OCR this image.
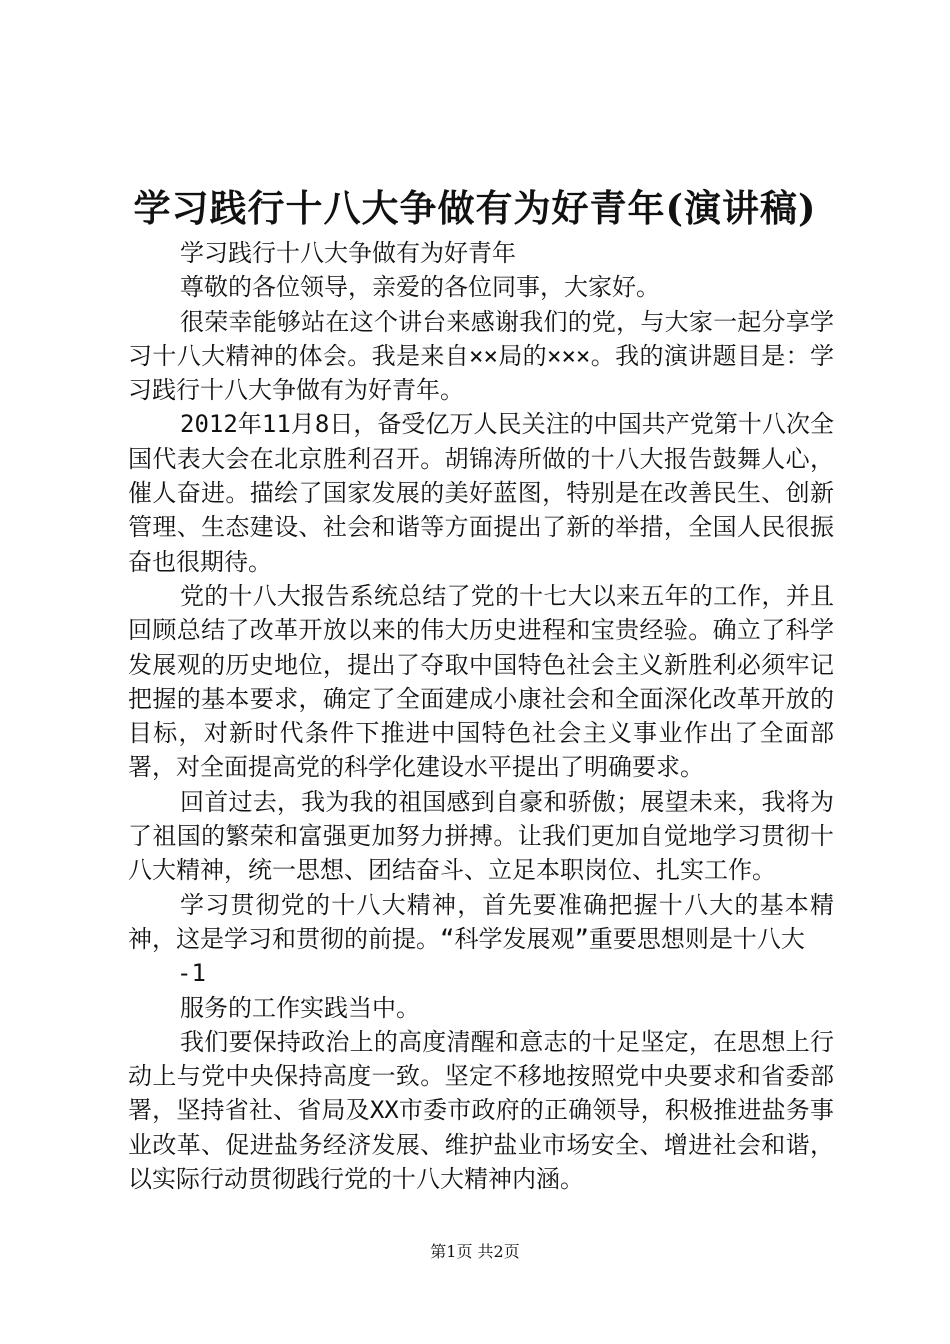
学习践行十八大争做有为好青年(演讲稿)

学习践行十八大争做有为好青年

尊敬的各位领导，亲爱的各位同事，大家好。

很荣幸能够站在这个讲台来感谢我们的党，与大家一起分享学习十八大精神的体会。我是来自××局的×××。我的演讲题目是：学习践行十八大争做有为好青年。

2012年11月8日，备受亿万人民关注的中国共产党第十八次全国代表大会在北京胜利召开。胡锦涛所做的十八大报告鼓舞人心，催人奋进。描绘了国家发展的美好蓝图，特别是在改善民生、创新管理、生态建设、社会和谐等方面提出了新的举措，全国人民很振奋也很期待。

党的十八大报告系统总结了党的十七大以来五年的工作，并且回顾总结了改革开放以来的伟大历史进程和宝贵经验。确立了科学发展观的历史地位，提出了夺取中国特色社会主义新胜利必须牢记把握的基本要求，确定了全面建成小康社会和全面深化改革开放的目标，对新时代条件下推进中国特色社会主义事业作出了全面部署，对全面提高党的科学化建设水平提出了明确要求。

回首过去，我为我的祖国感到自豪和骄傲；展望未来，我将为了祖国的繁荣和富强更加努力拼搏。让我们更加自觉地学习贯彻十八大精神，统一思想、团结奋斗、立足本职岗位、扎实工作。

学习贯彻党的十八大精神，首先要准确把握十八大的基本精神，这是学习和贯彻的前提。“科学发展观”重要思想则是十八大

-1

服务的工作实践当中。

我们要保持政治上的高度清醒和意志的十足坚定，在思想上行动上与党中央保持高度一致。坚定不移地按照党中央要求和省委部署，坚持省社、省局及XX市委市政府的正确领导，积极推进盐务事业改革、促进盐务经济发展、维护盐业市场安全、增进社会和谐，以实际行动贯彻践行党的十八大精神内涵。

第1页 共2页
